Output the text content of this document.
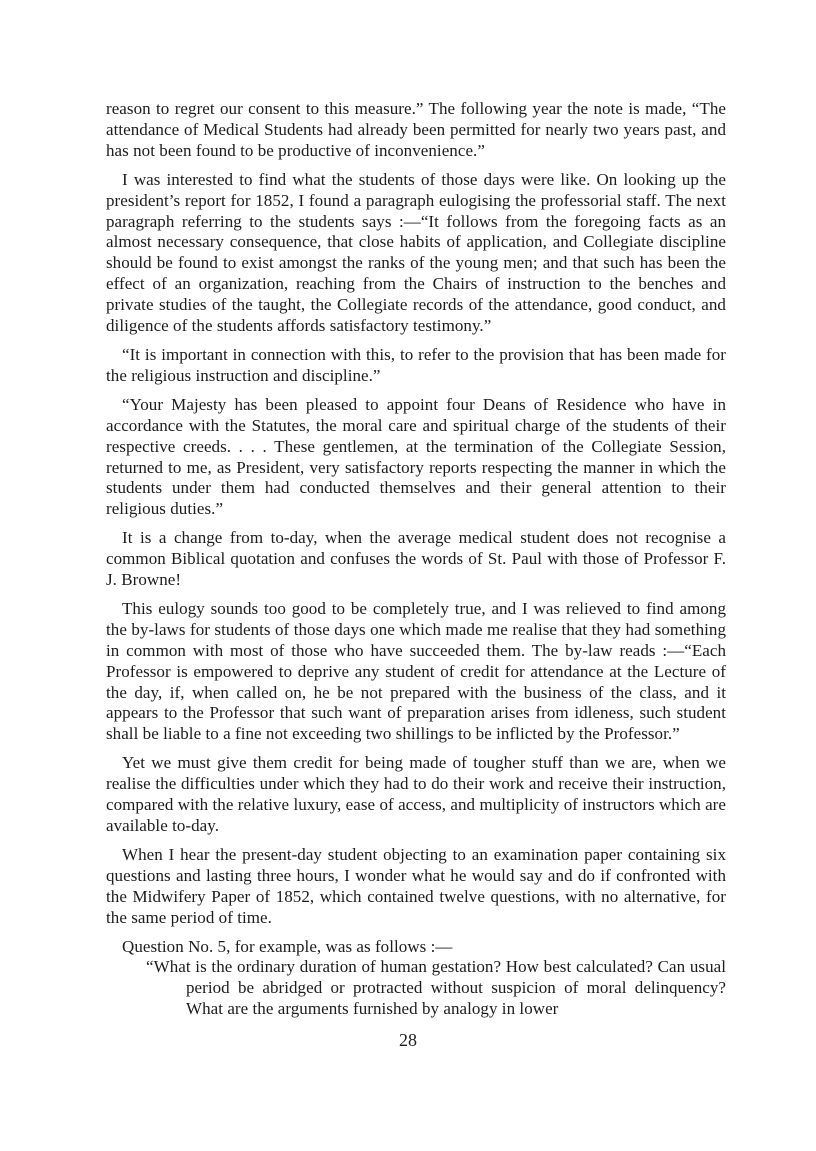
reason to regret our consent to this measure.” The following year the note is made, “The attendance of Medical Students had already been permitted for nearly two years past, and has not been found to be productive of inconvenience.”

I was interested to find what the students of those days were like. On looking up the president’s report for 1852, I found a paragraph eulogising the professorial staff. The next paragraph referring to the students says :—“It follows from the foregoing facts as an almost necessary consequence, that close habits of application, and Collegiate discipline should be found to exist amongst the ranks of the young men; and that such has been the effect of an organization, reaching from the Chairs of instruction to the benches and private studies of the taught, the Collegiate records of the attendance, good conduct, and diligence of the students affords satisfactory testimony.”

“It is important in connection with this, to refer to the provision that has been made for the religious instruction and discipline.”

“Your Majesty has been pleased to appoint four Deans of Residence who have in accordance with the Statutes, the moral care and spiritual charge of the students of their respective creeds. . . . These gentlemen, at the termination of the Collegiate Session, returned to me, as President, very satisfactory reports respecting the manner in which the students under them had conducted themselves and their general attention to their religious duties.”

It is a change from to-day, when the average medical student does not recognise a common Biblical quotation and confuses the words of St. Paul with those of Professor F. J. Browne!

This eulogy sounds too good to be completely true, and I was relieved to find among the by-laws for students of those days one which made me realise that they had something in common with most of those who have succeeded them. The by-law reads :—“Each Professor is empowered to deprive any student of credit for attendance at the Lecture of the day, if, when called on, he be not prepared with the business of the class, and it appears to the Professor that such want of preparation arises from idleness, such student shall be liable to a fine not exceeding two shillings to be inflicted by the Professor.”

Yet we must give them credit for being made of tougher stuff than we are, when we realise the difficulties under which they had to do their work and receive their instruction, compared with the relative luxury, ease of access, and multiplicity of instructors which are available to-day.

When I hear the present-day student objecting to an examination paper containing six questions and lasting three hours, I wonder what he would say and do if confronted with the Midwifery Paper of 1852, which contained twelve questions, with no alternative, for the same period of time.

Question No. 5, for example, was as follows :—

“What is the ordinary duration of human gestation? How best calculated? Can usual period be abridged or protracted without suspicion of moral delinquency? What are the arguments furnished by analogy in lower
28
